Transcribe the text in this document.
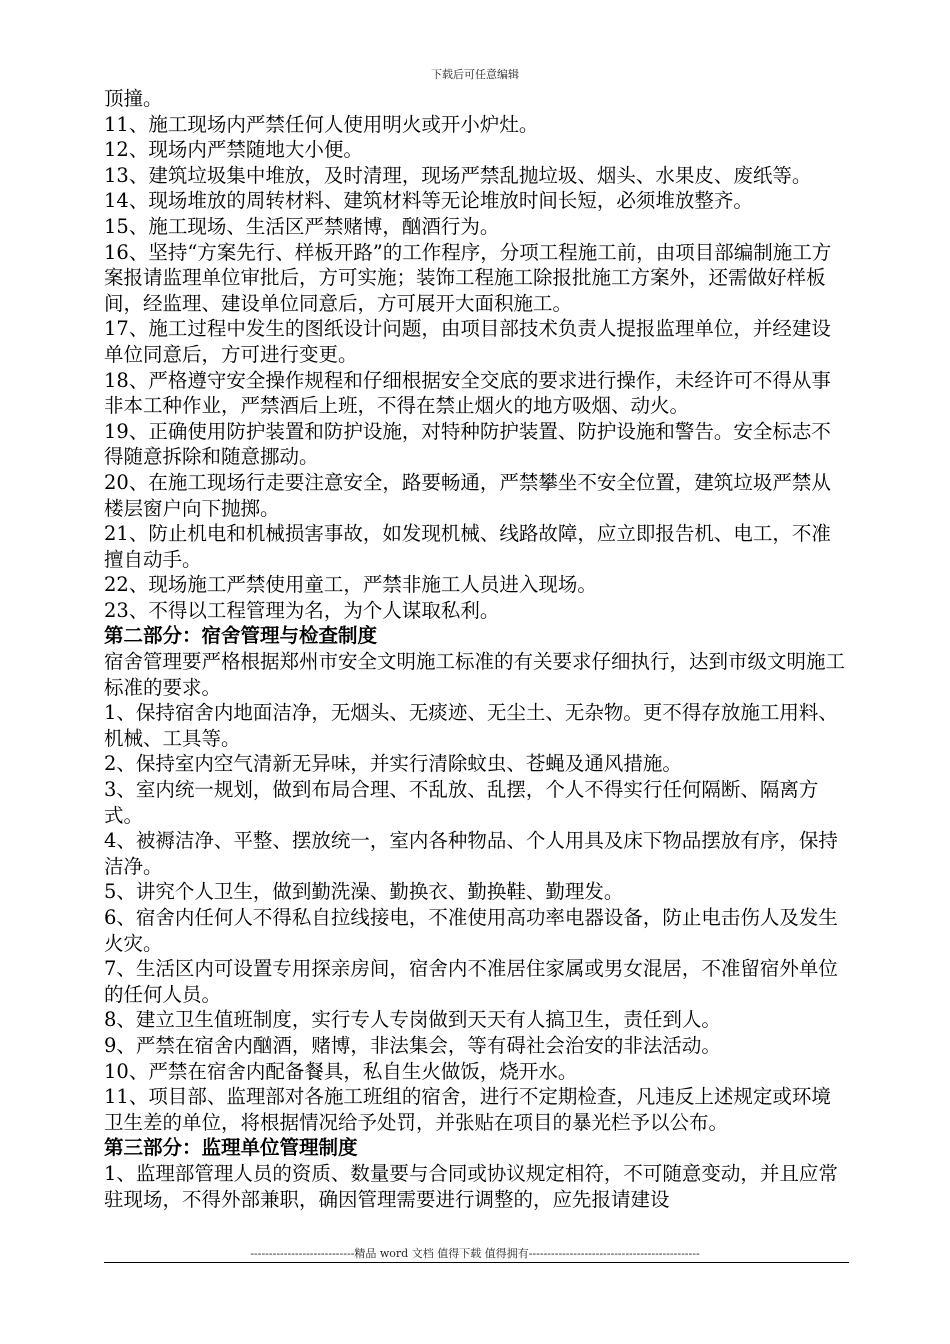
下载后可任意编辑

顶撞。

11、施工现场内严禁任何人使用明火或开小炉灶。

12、现场内严禁随地大小便。

13、建筑垃圾集中堆放，及时清理，现场严禁乱抛垃圾、烟头、水果皮、废纸等。

14、现场堆放的周转材料、建筑材料等无论堆放时间长短，必须堆放整齐。

15、施工现场、生活区严禁赌博，酗酒行为。

16、坚持“方案先行、样板开路”的工作程序，分项工程施工前，由项目部编制施工方案报请监理单位审批后，方可实施；装饰工程施工除报批施工方案外，还需做好样板间，经监理、建设单位同意后，方可展开大面积施工。

17、施工过程中发生的图纸设计问题，由项目部技术负责人提报监理单位，并经建设单位同意后，方可进行变更。

18、严格遵守安全操作规程和仔细根据安全交底的要求进行操作，未经许可不得从事非本工种作业，严禁酒后上班，不得在禁止烟火的地方吸烟、动火。

19、正确使用防护装置和防护设施，对特种防护装置、防护设施和警告。安全标志不得随意拆除和随意挪动。

20、在施工现场行走要注意安全，路要畅通，严禁攀坐不安全位置，建筑垃圾严禁从楼层窗户向下抛掷。

21、防止机电和机械损害事故，如发现机械、线路故障，应立即报告机、电工，不准擅自动手。

22、现场施工严禁使用童工，严禁非施工人员进入现场。

23、不得以工程管理为名，为个人谋取私利。

第二部分：宿舍管理与检查制度

宿舍管理要严格根据郑州市安全文明施工标准的有关要求仔细执行，达到市级文明施工标准的要求。

1、保持宿舍内地面洁净，无烟头、无痰迹、无尘土、无杂物。更不得存放施工用料、机械、工具等。

2、保持室内空气清新无异味，并实行清除蚊虫、苍蝇及通风措施。

3、室内统一规划，做到布局合理、不乱放、乱摆，个人不得实行任何隔断、隔离方式。

4、被褥洁净、平整、摆放统一，室内各种物品、个人用具及床下物品摆放有序，保持洁净。

5、讲究个人卫生，做到勤洗澡、勤换衣、勤换鞋、勤理发。

6、宿舍内任何人不得私自拉线接电，不准使用高功率电器设备，防止电击伤人及发生火灾。

7、生活区内可设置专用探亲房间，宿舍内不准居住家属或男女混居，不准留宿外单位的任何人员。

8、建立卫生值班制度，实行专人专岗做到天天有人搞卫生，责任到人。

9、严禁在宿舍内酗酒，赌博，非法集会，等有碍社会治安的非法活动。

10、严禁在宿舍内配备餐具，私自生火做饭，烧开水。

11、项目部、监理部对各施工班组的宿舍，进行不定期检查，凡违反上述规定或环境卫生差的单位，将根据情况给予处罚，并张贴在项目的暴光栏予以公布。

第三部分：监理单位管理制度

1、监理部管理人员的资质、数量要与合同或协议规定相符，不可随意变动，并且应常驻现场，不得外部兼职，确因管理需要进行调整的，应先报请建设

----------------------------精品 word 文档 值得下载 值得拥有----------------------------------------------
